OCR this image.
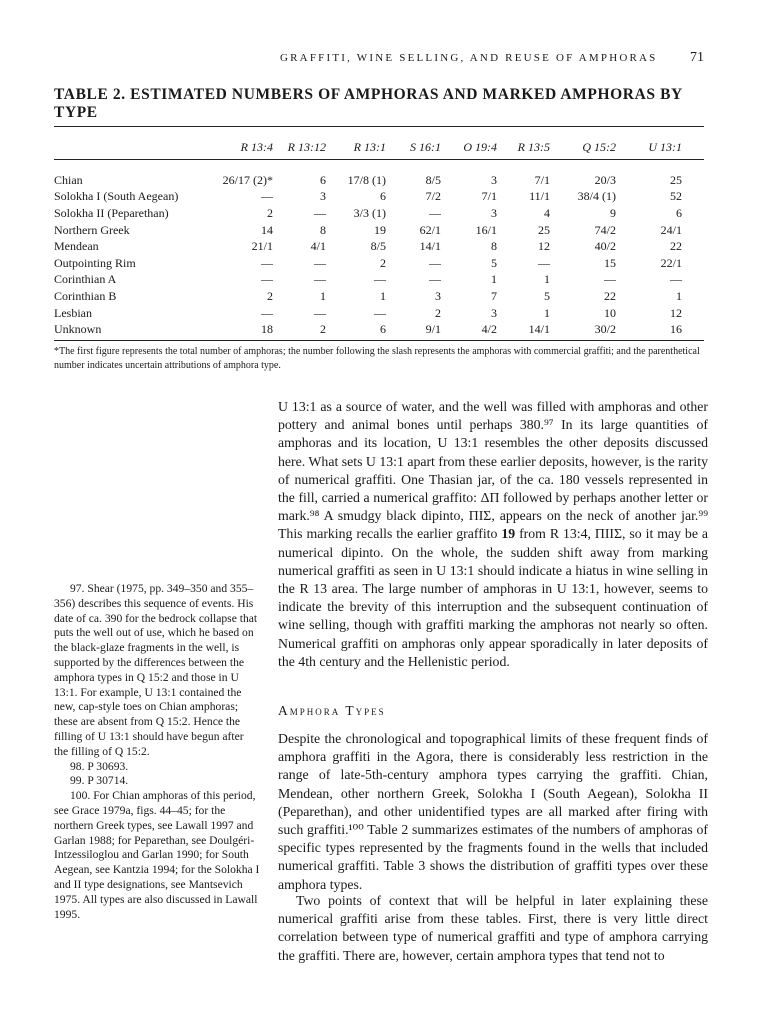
GRAFFITI, WINE SELLING, AND REUSE OF AMPHORAS	71
TABLE 2. ESTIMATED NUMBERS OF AMPHORAS AND MARKED AMPHORAS BY TYPE
	R 13:4	R 13:12	R 13:1	S 16:1	O 19:4	R 13:5	Q 15:2	U 13:1

Chian	26/17 (2)*	6	17/8 (1)	8/5	3	7/1	20/3	25
Solokha I (South Aegean)	—	3	6	7/2	7/1	11/1	38/4 (1)	52
Solokha II (Peparethan)	2	—	3/3 (1)	—	3	4	9	6
Northern Greek	14	8	19	62/1	16/1	25	74/2	24/1
Mendean	21/1	4/1	8/5	14/1	8	12	40/2	22
Outpointing Rim	—	—	2	—	5	—	15	22/1
Corinthian A	—	—	—	—	1	1	—	—
Corinthian B	2	1	1	3	7	5	22	1
Lesbian	—	—	—	2	3	1	10	12
Unknown	18	2	6	9/1	4/2	14/1	30/2	16
*The first figure represents the total number of amphoras; the number following the slash represents the amphoras with commercial graffiti; and the parenthetical number indicates uncertain attributions of amphora type.
U 13:1 as a source of water, and the well was filled with amphoras and other pottery and animal bones until perhaps 380.⁹⁷ In its large quantities of amphoras and its location, U 13:1 resembles the other deposits discussed here. What sets U 13:1 apart from these earlier deposits, however, is the rarity of numerical graffiti. One Thasian jar, of the ca. 180 vessels represented in the fill, carried a numerical graffito: ΔΠ followed by perhaps another letter or mark.⁹⁸ A smudgy black dipinto, ΠΙΣ, appears on the neck of another jar.⁹⁹ This marking recalls the earlier graffito 19 from R 13:4, ΠΙΙΣ, so it may be a numerical dipinto. On the whole, the sudden shift away from marking numerical graffiti as seen in U 13:1 should indicate a hiatus in wine selling in the R 13 area. The large number of amphoras in U 13:1, however, seems to indicate the brevity of this interruption and the subsequent continuation of wine selling, though with graffiti marking the amphoras not nearly so often. Numerical graffiti on amphoras only appear sporadically in later deposits of the 4th century and the Hellenistic period.
Amphora Types
Despite the chronological and topographical limits of these frequent finds of amphora graffiti in the Agora, there is considerably less restriction in the range of late-5th-century amphora types carrying the graffiti. Chian, Mendean, other northern Greek, Solokha I (South Aegean), Solokha II (Peparethan), and other unidentified types are all marked after firing with such graffiti.¹⁰⁰ Table 2 summarizes estimates of the numbers of amphoras of specific types represented by the fragments found in the wells that included numerical graffiti. Table 3 shows the distribution of graffiti types over these amphora types.
Two points of context that will be helpful in later explaining these numerical graffiti arise from these tables. First, there is very little direct correlation between type of numerical graffiti and type of amphora carrying the graffiti. There are, however, certain amphora types that tend not to

97. Shear (1975, pp. 349–350 and 355–356) describes this sequence of events. His date of ca. 390 for the bedrock collapse that puts the well out of use, which he based on the black-glaze fragments in the well, is supported by the differences between the amphora types in Q 15:2 and those in U 13:1. For example, U 13:1 contained the new, cap-style toes on Chian amphoras; these are absent from Q 15:2. Hence the filling of U 13:1 should have begun after the filling of Q 15:2.

98. P 30693.

99. P 30714.

100. For Chian amphoras of this period, see Grace 1979a, figs. 44–45; for the northern Greek types, see Lawall 1997 and Garlan 1988; for Peparethan, see Doulgéri-Intzessiloglou and Garlan 1990; for South Aegean, see Kantzia 1994; for the Solokha I and II type designations, see Mantsevich 1975. All types are also discussed in Lawall 1995.
